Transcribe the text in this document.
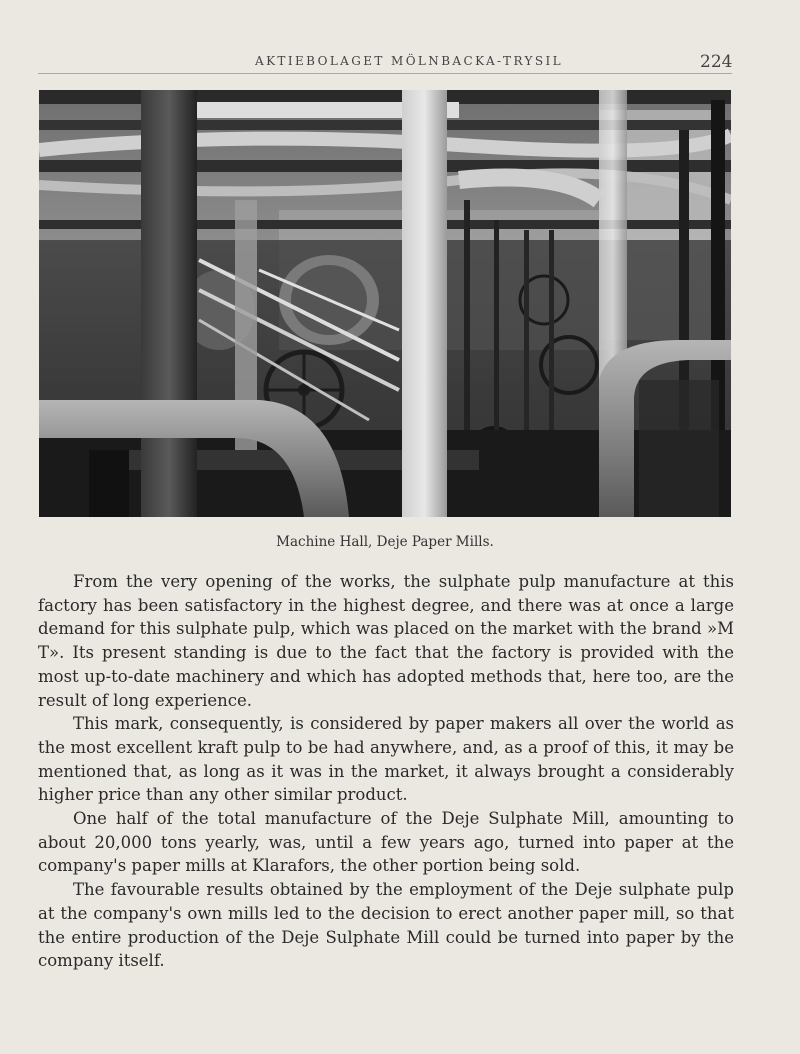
AKTIEBOLAGET MÖLNBACKA-TRYSIL	224
Machine Hall, Deje Paper Mills.

From the very opening of the works, the sulphate pulp manufacture at this factory has been satisfactory in the highest degree, and there was at once a large demand for this sulphate pulp, which was placed on the market with the brand »M T». Its present standing is due to the fact that the factory is provided with the most up-to-date machinery and which has adopted methods that, here too, are the result of long experience.

This mark, consequently, is considered by paper makers all over the world as the most excellent kraft pulp to be had anywhere, and, as a proof of this, it may be mentioned that, as long as it was in the market, it always brought a considerably higher price than any other similar product.

One half of the total manufacture of the Deje Sulphate Mill, amounting to about 20,000 tons yearly, was, until a few years ago, turned into paper at the company's paper mills at Klarafors, the other portion being sold.

The favourable results obtained by the employment of the Deje sulphate pulp at the company's own mills led to the decision to erect another paper mill, so that the entire production of the Deje Sulphate Mill could be turned into paper by the company itself.
